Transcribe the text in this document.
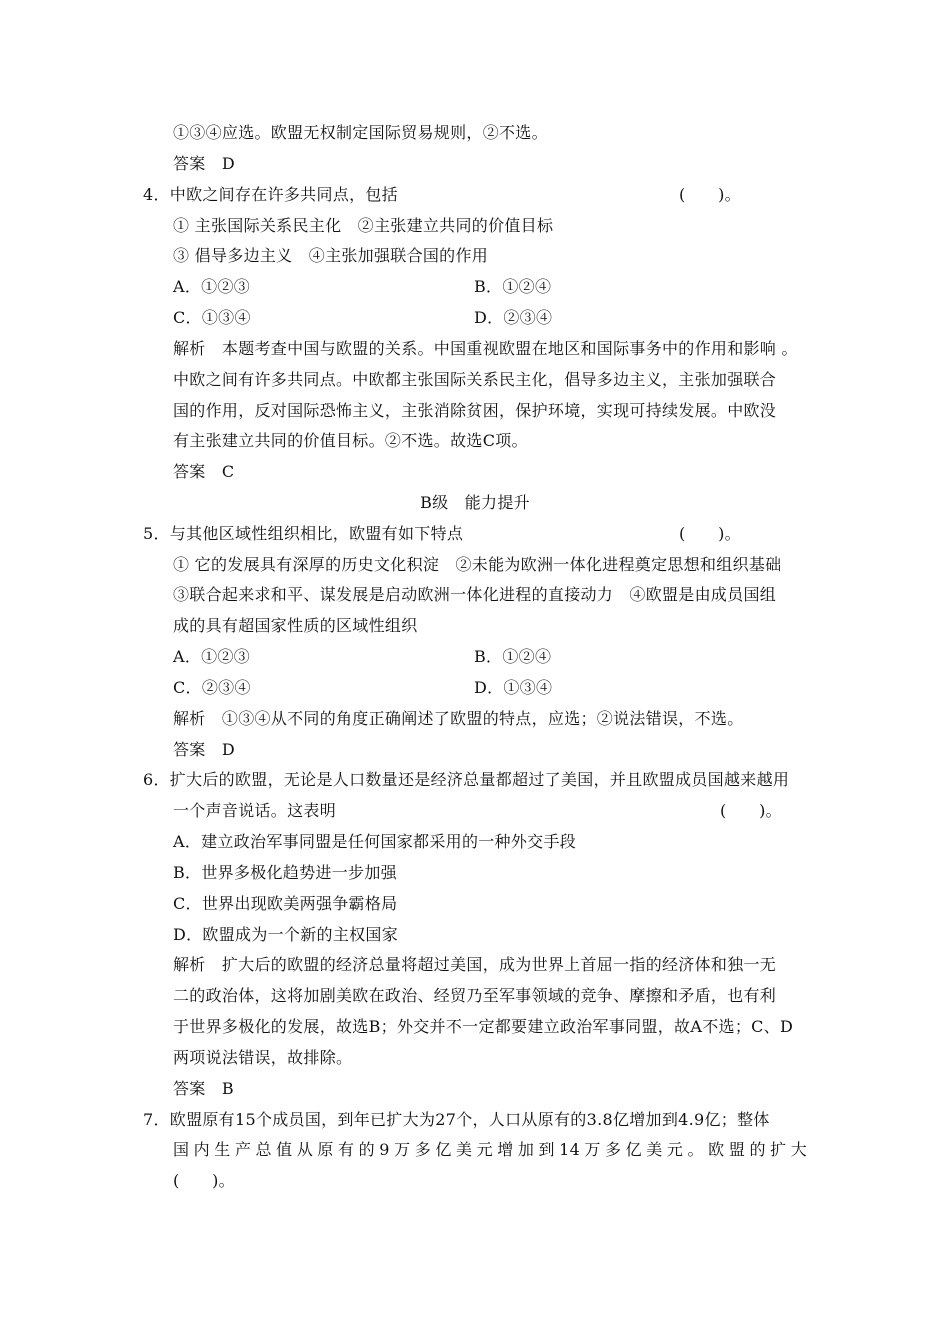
①③④应选。欧盟无权制定国际贸易规则，②不选。
答案　D
4．中欧之间存在许多共同点，包括	(　　)。
① 主张国际关系民主化　②主张建立共同的价值目标
③ 倡导多边主义　④主张加强联合国的作用
A．①②③	B．①②④
C．①③④	D．②③④
解析　本题考查中国与欧盟的关系。中国重视欧盟在地区和国际事务中的作用和影响 。
中欧之间有许多共同点。中欧都主张国际关系民主化，倡导多边主义，主张加强联合
国的作用，反对国际恐怖主义，主张消除贫困，保护环境，实现可持续发展。中欧没
有主张建立共同的价值目标。②不选。故选C项。
答案　C
B级　能力提升
5．与其他区域性组织相比，欧盟有如下特点	(　　)。
① 它的发展具有深厚的历史文化积淀　②未能为欧洲一体化进程奠定思想和组织基础
③联合起来求和平、谋发展是启动欧洲一体化进程的直接动力　④欧盟是由成员国组
成的具有超国家性质的区域性组织
A．①②③	B．①②④
C．②③④	D．①③④
解析　①③④从不同的角度正确阐述了欧盟的特点，应选；②说法错误，不选。
答案　D
6．扩大后的欧盟，无论是人口数量还是经济总量都超过了美国，并且欧盟成员国越来越用
一个声音说话。这表明	(　　)。
A．建立政治军事同盟是任何国家都采用的一种外交手段
B．世界多极化趋势进一步加强
C．世界出现欧美两强争霸格局
D．欧盟成为一个新的主权国家
解析　扩大后的欧盟的经济总量将超过美国，成为世界上首屈一指的经济体和独一无
二的政治体，这将加剧美欧在政治、经贸乃至军事领域的竞争、摩擦和矛盾，也有利
于世界多极化的发展，故选B；外交并不一定都要建立政治军事同盟，故A不选；C、D
两项说法错误，故排除。
答案　B
7．欧盟原有15个成员国，到年已扩大为27个，人口从原有的3.8亿增加到4.9亿；整体
国内生产总值从原有的9万多亿美元增加到14万多亿美元。欧盟的扩大
(　　)。
